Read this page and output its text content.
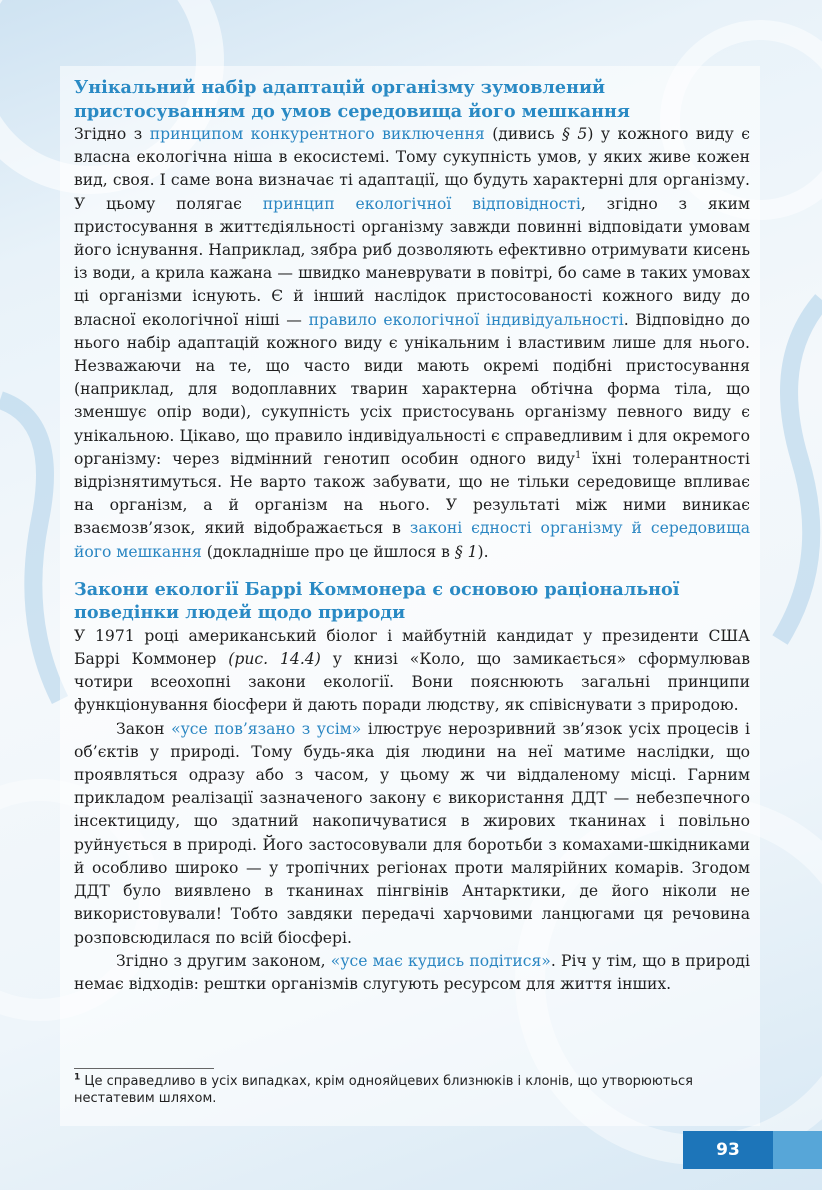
Унікальний набір адаптацій організму зумовлений пристосуванням до умов середовища його мешкання

Згідно з принципом конкурентного виключення (дивись § 5) у кожного виду є власна екологічна ніша в екосистемі. Тому сукупність умов, у яких живе кожен вид, своя. І саме вона визначає ті адаптації, що будуть характерні для організму. У цьому полягає принцип екологічної відповідності, згідно з яким пристосування в життєдіяльності організму завжди повинні відповідати умовам його існування. Наприклад, зябра риб дозволяють ефективно отримувати кисень із води, а крила кажана — швидко маневрувати в повітрі, бо саме в таких умовах ці організми існують. Є й інший наслідок пристосованості кожного виду до власної екологічної ніші — правило екологічної індивідуальності. Відповідно до нього набір адаптацій кожного виду є унікальним і властивим лише для нього. Незважаючи на те, що часто види мають окремі подібні пристосування (наприклад, для водоплавних тварин характерна обтічна форма тіла, що зменшує опір води), сукупність усіх пристосувань організму певного виду є унікальною. Цікаво, що правило індивідуальності є справедливим і для окремого організму: через відмінний генотип особин одного виду$^1$ їхні толерантності відрізнятимуться. Не варто також забувати, що не тільки середовище впливає на організм, а й організм на нього. У результаті між ними виникає взаємозв’язок, який відображається в законі єдності організму й середовища його мешкання (докладніше про це йшлося в § 1).

Закони екології Баррі Коммонера є основою раціональної поведінки людей щодо природи

У 1971 році американський біолог і майбутній кандидат у президенти США Баррі Коммонер (рис. 14.4) у книзі «Коло, що замикається» сформулював чотири всеохопні закони екології. Вони пояснюють загальні принципи функціонування біосфери й дають поради людству, як співіснувати з природою.

Закон «усе пов’язано з усім» ілюструє нерозривний зв’язок усіх процесів і об’єктів у природі. Тому будь-яка дія людини на неї матиме наслідки, що проявляться одразу або з часом, у цьому ж чи віддаленому місці. Гарним прикладом реалізації зазначеного закону є використання ДДТ — небезпечного інсектициду, що здатний накопичуватися в жирових тканинах і повільно руйнується в природі. Його застосовували для боротьби з комахами-шкідниками й особливо широко — у тропічних регіонах проти малярійних комарів. Згодом ДДТ було виявлено в тканинах пінгвінів Антарктики, де його ніколи не використовували! Тобто завдяки передачі харчовими ланцюгами ця речовина розповсюдилася по всій біосфері.

Згідно з другим законом, «усе має кудись подітися». Річ у тім, що в природі немає відходів: рештки організмів слугують ресурсом для життя інших.

$^1$ Це справедливо в усіх випадках, крім однояйцевих близнюків і клонів, що утворюються нестатевим шляхом.
93
